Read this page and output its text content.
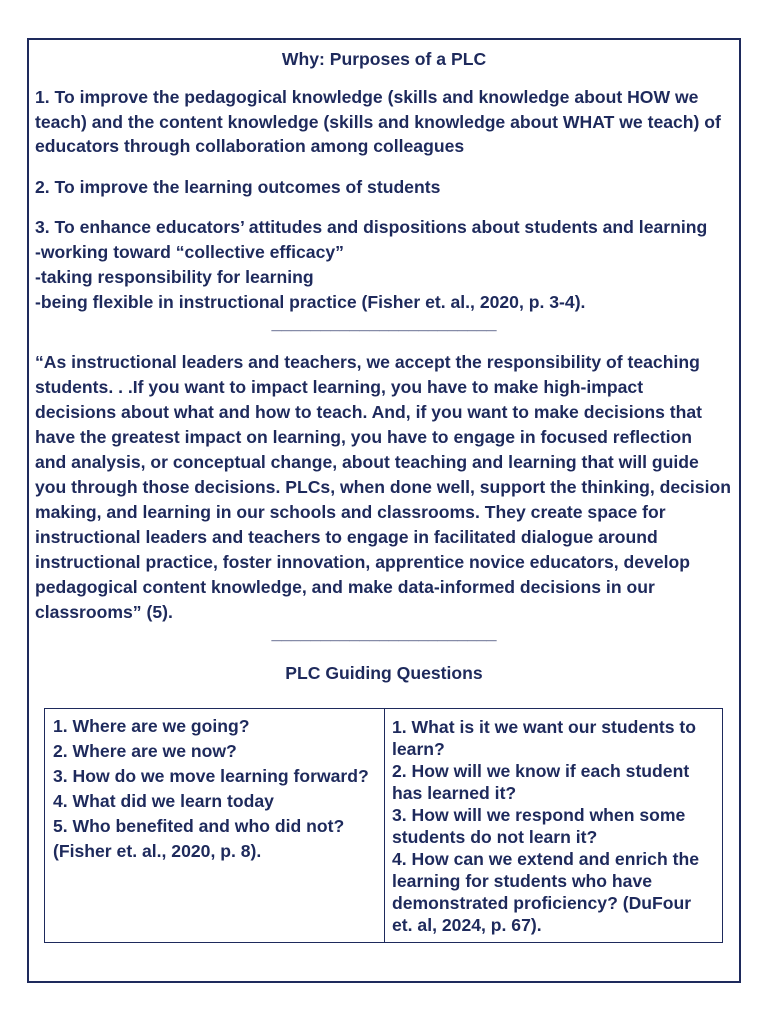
Why: Purposes of a PLC
1. To improve the pedagogical knowledge (skills and knowledge about HOW we
teach) and the content knowledge (skills and knowledge about WHAT we teach) of
educators through collaboration among colleagues
2. To improve the learning outcomes of students
3. To enhance educators’ attitudes and dispositions about students and learning
-working toward “collective efficacy”
-taking responsibility for learning
-being flexible in instructional practice (Fisher et. al., 2020, p. 3-4).
_______________________
“As instructional leaders and teachers, we accept the responsibility of teaching
students. . .If you want to impact learning, you have to make high-impact
decisions about what and how to teach. And, if you want to make decisions that
have the greatest impact on learning, you have to engage in focused reflection
and analysis, or conceptual change, about teaching and learning that will guide
you through those decisions. PLCs, when done well, support the thinking, decision
making, and learning in our schools and classrooms. They create space for
instructional leaders and teachers to engage in facilitated dialogue around
instructional practice, foster innovation, apprentice novice educators, develop
pedagogical content knowledge, and make data-informed decisions in our
classrooms” (5).
_______________________
PLC Guiding Questions
1. Where are we going?
2. Where are we now?
3. How do we move learning forward?
4. What did we learn today
5. Who benefited and who did not?
(Fisher et. al., 2020, p. 8).
1. What is it we want our students to
learn?
2. How will we know if each student
has learned it?
3. How will we respond when some
students do not learn it?
4. How can we extend and enrich the
learning for students who have
demonstrated proficiency? (DuFour
et. al, 2024, p. 67).
